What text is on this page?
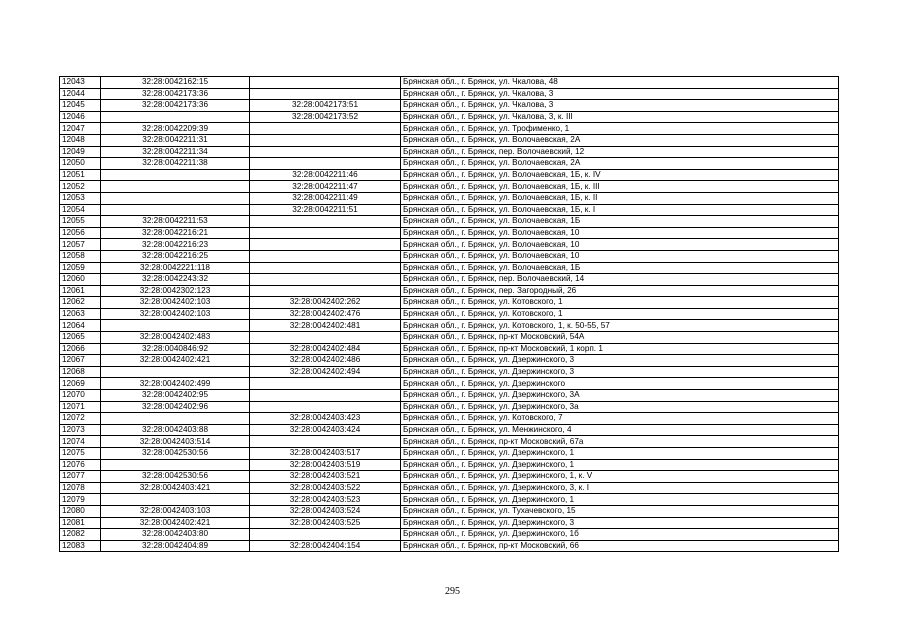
12043	32:28:0042162:15		Брянская обл., г. Брянск, ул. Чкалова, 48
12044	32:28:0042173:36		Брянская обл., г. Брянск, ул. Чкалова, 3
12045	32:28:0042173:36	32:28:0042173:51	Брянская обл., г. Брянск, ул. Чкалова, 3
12046		32:28:0042173:52	Брянская обл., г. Брянск, ул. Чкалова, 3, к. III
12047	32:28:0042209:39		Брянская обл., г. Брянск, ул. Трофименко, 1
12048	32:28:0042211:31		Брянская обл., г. Брянск, ул. Волочаевская, 2А
12049	32:28:0042211:34		Брянская обл., г. Брянск, пер. Волочаевский, 12
12050	32:28:0042211:38		Брянская обл., г. Брянск, ул. Волочаевская, 2А
12051		32:28:0042211:46	Брянская обл., г. Брянск, ул. Волочаевская, 1Б, к. IV
12052		32:28:0042211:47	Брянская обл., г. Брянск, ул. Волочаевская, 1Б, к. III
12053		32:28:0042211:49	Брянская обл., г. Брянск, ул. Волочаевская, 1Б, к. II
12054		32:28:0042211:51	Брянская обл., г. Брянск, ул. Волочаевская, 1Б, к. I
12055	32:28:0042211:53		Брянская обл., г. Брянск, ул. Волочаевская, 1Б
12056	32:28:0042216:21		Брянская обл., г. Брянск, ул. Волочаевская, 10
12057	32:28:0042216:23		Брянская обл., г. Брянск, ул. Волочаевская, 10
12058	32:28:0042216:25		Брянская обл., г. Брянск, ул. Волочаевская, 10
12059	32:28:0042221:118		Брянская обл., г. Брянск, ул. Волочаевская, 1Б
12060	32:28:0042243:32		Брянская обл., г. Брянск, пер. Волочаевский, 14
12061	32:28:0042302:123		Брянская обл., г. Брянск, пер. Загородный, 26
12062	32:28:0042402:103	32:28:0042402:262	Брянская обл., г. Брянск, ул. Котовского, 1
12063	32:28:0042402:103	32:28:0042402:476	Брянская обл., г. Брянск, ул. Котовского, 1
12064		32:28:0042402:481	Брянская обл., г. Брянск, ул. Котовского, 1, к. 50-55, 57
12065	32:28:0042402:483		Брянская обл., г. Брянск, пр-кт Московский, 54А
12066	32:28:0040846:92	32:28:0042402:484	Брянская обл., г. Брянск, пр-кт Московский, 1 корп. 1
12067	32:28:0042402:421	32:28:0042402:486	Брянская обл., г. Брянск, ул. Дзержинского, 3
12068		32:28:0042402:494	Брянская обл., г. Брянск, ул. Дзержинского, 3
12069	32:28:0042402:499		Брянская обл., г. Брянск, ул. Дзержинского
12070	32:28:0042402:95		Брянская обл., г. Брянск, ул. Дзержинского, 3А
12071	32:28:0042402:96		Брянская обл., г. Брянск, ул. Дзержинского, 3а
12072		32:28:0042403:423	Брянская обл., г. Брянск, ул. Котовского, 7
12073	32:28:0042403:88	32:28:0042403:424	Брянская обл., г. Брянск, ул. Менжинского, 4
12074	32:28:0042403:514		Брянская обл., г. Брянск, пр-кт Московский, 67а
12075	32:28:0042530:56	32:28:0042403:517	Брянская обл., г. Брянск, ул. Дзержинского, 1
12076		32:28:0042403:519	Брянская обл., г. Брянск, ул. Дзержинского, 1
12077	32:28:0042530:56	32:28:0042403:521	Брянская обл., г. Брянск, ул. Дзержинского, 1, к. V
12078	32:28:0042403:421	32:28:0042403:522	Брянская обл., г. Брянск, ул. Дзержинского, 3, к. I
12079		32:28:0042403:523	Брянская обл., г. Брянск, ул. Дзержинского, 1
12080	32:28:0042403:103	32:28:0042403:524	Брянская обл., г. Брянск, ул. Тухачевского, 15
12081	32:28:0042402:421	32:28:0042403:525	Брянская обл., г. Брянск, ул. Дзержинского, 3
12082	32:28:0042403:80		Брянская обл., г. Брянск, ул. Дзержинского, 1б
12083	32:28:0042404:89	32:28:0042404:154	Брянская обл., г. Брянск, пр-кт Московский, 66
295
